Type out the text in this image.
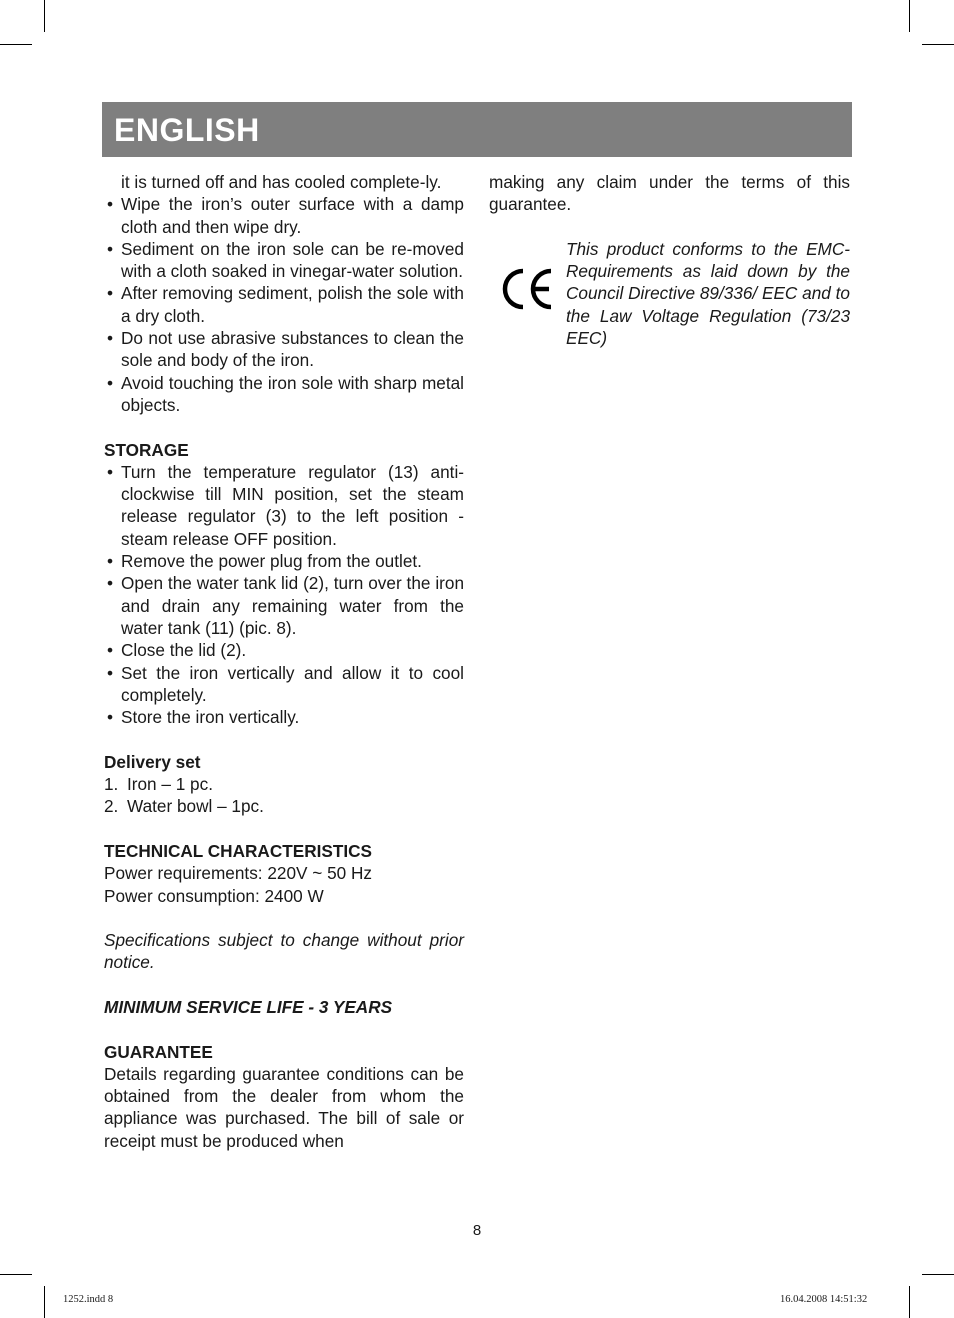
ENGLISH

it is turned off and has cooled complete-ly.

• Wipe the iron’s outer surface with a damp cloth and then wipe dry.
• Sediment on the iron sole can be re-moved with a cloth soaked in vinegar-water solution.
• After removing sediment, polish the sole with a dry cloth.
• Do not use abrasive substances to clean the sole and body of the iron.
• Avoid touching the iron sole with sharp metal objects.

STORAGE

• Turn the temperature regulator (13) anti-clockwise till MIN position, set the steam release regulator (3) to the left position - steam release OFF position.
• Remove the power plug from the outlet.
• Open the water tank lid (2), turn over the iron and drain any remaining water from the water tank (11) (pic. 8).
• Close the lid (2).
• Set the iron vertically and allow it to cool completely.
• Store the iron vertically.

Delivery set

1. Iron – 1 pc.
2. Water bowl – 1pc.

TECHNICAL CHARACTERISTICS

Power requirements: 220V ~ 50 Hz

Power consumption: 2400 W

Specifications subject to change without prior notice.

MINIMUM SERVICE LIFE - 3 YEARS

GUARANTEE

Details regarding guarantee conditions can be obtained from the dealer from whom the appliance was purchased. The bill of sale or receipt must be produced when

making any claim under the terms of this guarantee.

This product conforms to the EMC-Requirements as laid down by the Council Directive 89/336/ EEC and to the Law Voltage Regulation (73/23 EEC)

8
1252.indd 8	16.04.2008 14:51:32
